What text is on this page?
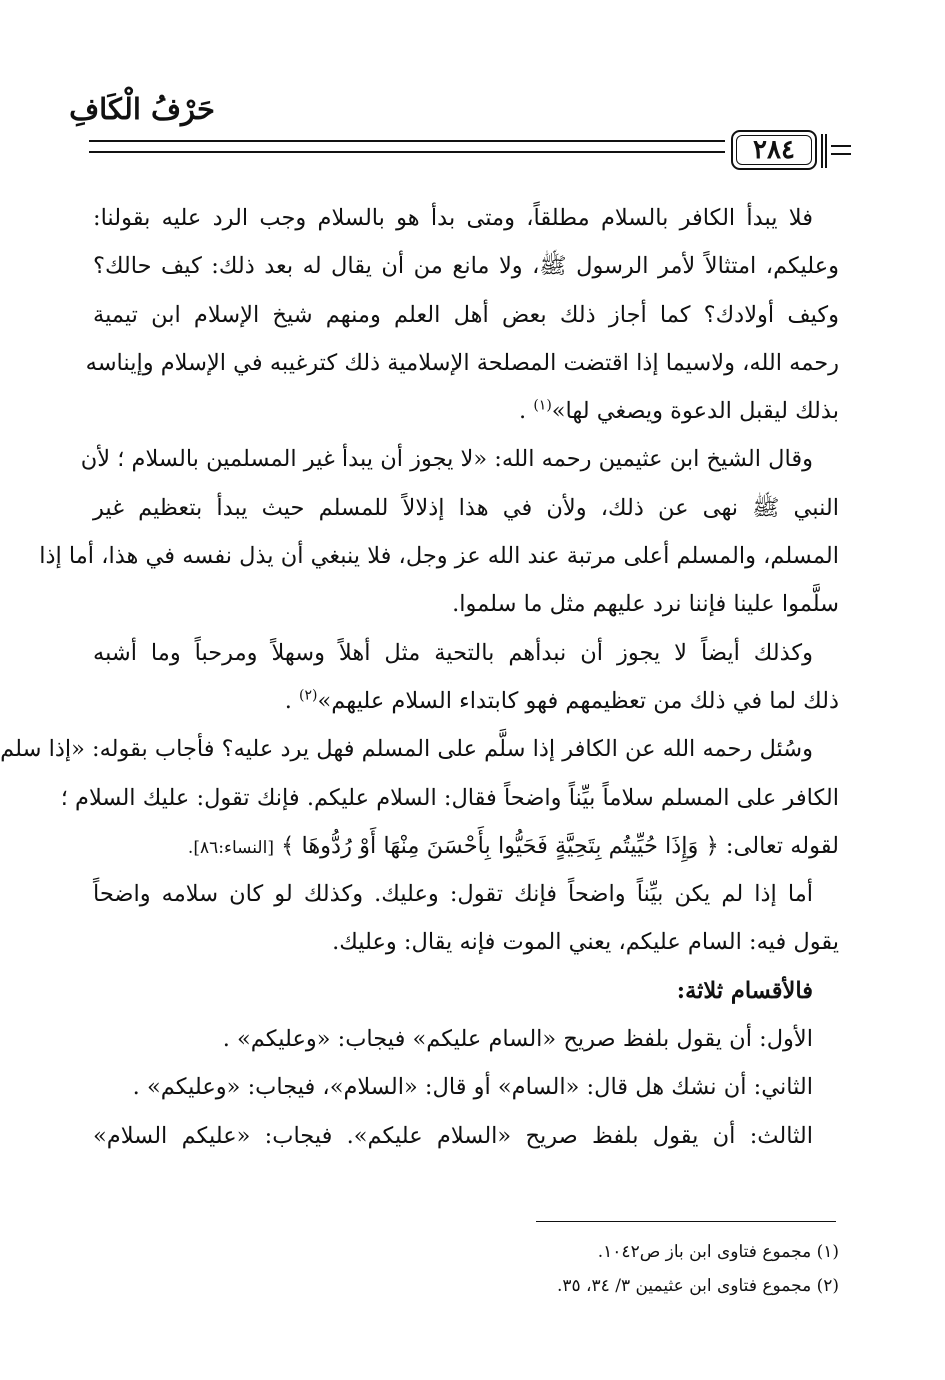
حَرْفُ الْكَافِ
٢٨٤
فلا يبدأ الكافر بالسلام مطلقاً، ومتى بدأ هو بالسلام وجب الرد عليه بقولنا:
وعليكم، امتثالاً لأمر الرسول ﷺ، ولا مانع من أن يقال له بعد ذلك: كيف حالك؟
وكيف أولادك؟ كما أجاز ذلك بعض أهل العلم ومنهم شيخ الإسلام ابن تيمية
رحمه الله، ولاسيما إذا اقتضت المصلحة الإسلامية ذلك كترغيبه في الإسلام وإيناسه
بذلك ليقبل الدعوة ويصغي لها»$^{(١)}$ .
وقال الشيخ ابن عثيمين رحمه الله: «لا يجوز أن يبدأ غير المسلمين بالسلام ؛ لأن
النبي ﷺ نهى عن ذلك، ولأن في هذا إذلالاً للمسلم حيث يبدأ بتعظيم غير
المسلم، والمسلم أعلى مرتبة عند الله عز وجل، فلا ينبغي أن يذل نفسه في هذا، أما إذا
سلَّموا علينا فإننا نرد عليهم مثل ما سلموا.
وكذلك أيضاً لا يجوز أن نبدأهم بالتحية مثل أهلاً وسهلاً ومرحباً وما أشبه
ذلك لما في ذلك من تعظيمهم فهو كابتداء السلام عليهم»$^{(٢)}$ .
وسُئل رحمه الله عن الكافر إذا سلَّم على المسلم فهل يرد عليه؟ فأجاب بقوله: «إذا سلم
الكافر على المسلم سلاماً بيِّناً واضحاً فقال: السلام عليكم. فإنك تقول: عليك السلام ؛
لقوله تعالى: ﴿ وَإِذَا حُيِّيتُم بِتَحِيَّةٍ فَحَيُّوا بِأَحْسَنَ مِنْهَا أَوْ رُدُّوهَا ﴾ [النساء:٨٦].
أما إذا لم يكن بيِّناً واضحاً فإنك تقول: وعليك. وكذلك لو كان سلامه واضحاً
يقول فيه: السام عليكم، يعني الموت فإنه يقال: وعليك.
فالأقسام ثلاثة:
الأول: أن يقول بلفظ صريح «السام عليكم» فيجاب: «وعليكم» .
الثاني: أن نشك هل قال: «السام» أو قال: «السلام»، فيجاب: «وعليكم» .
الثالث: أن يقول بلفظ صريح «السلام عليكم». فيجاب: «عليكم السلام»
(١) مجموع فتاوى ابن باز ص١٠٤٢.
(٢) مجموع فتاوى ابن عثيمين ٣/ ٣٤، ٣٥.
